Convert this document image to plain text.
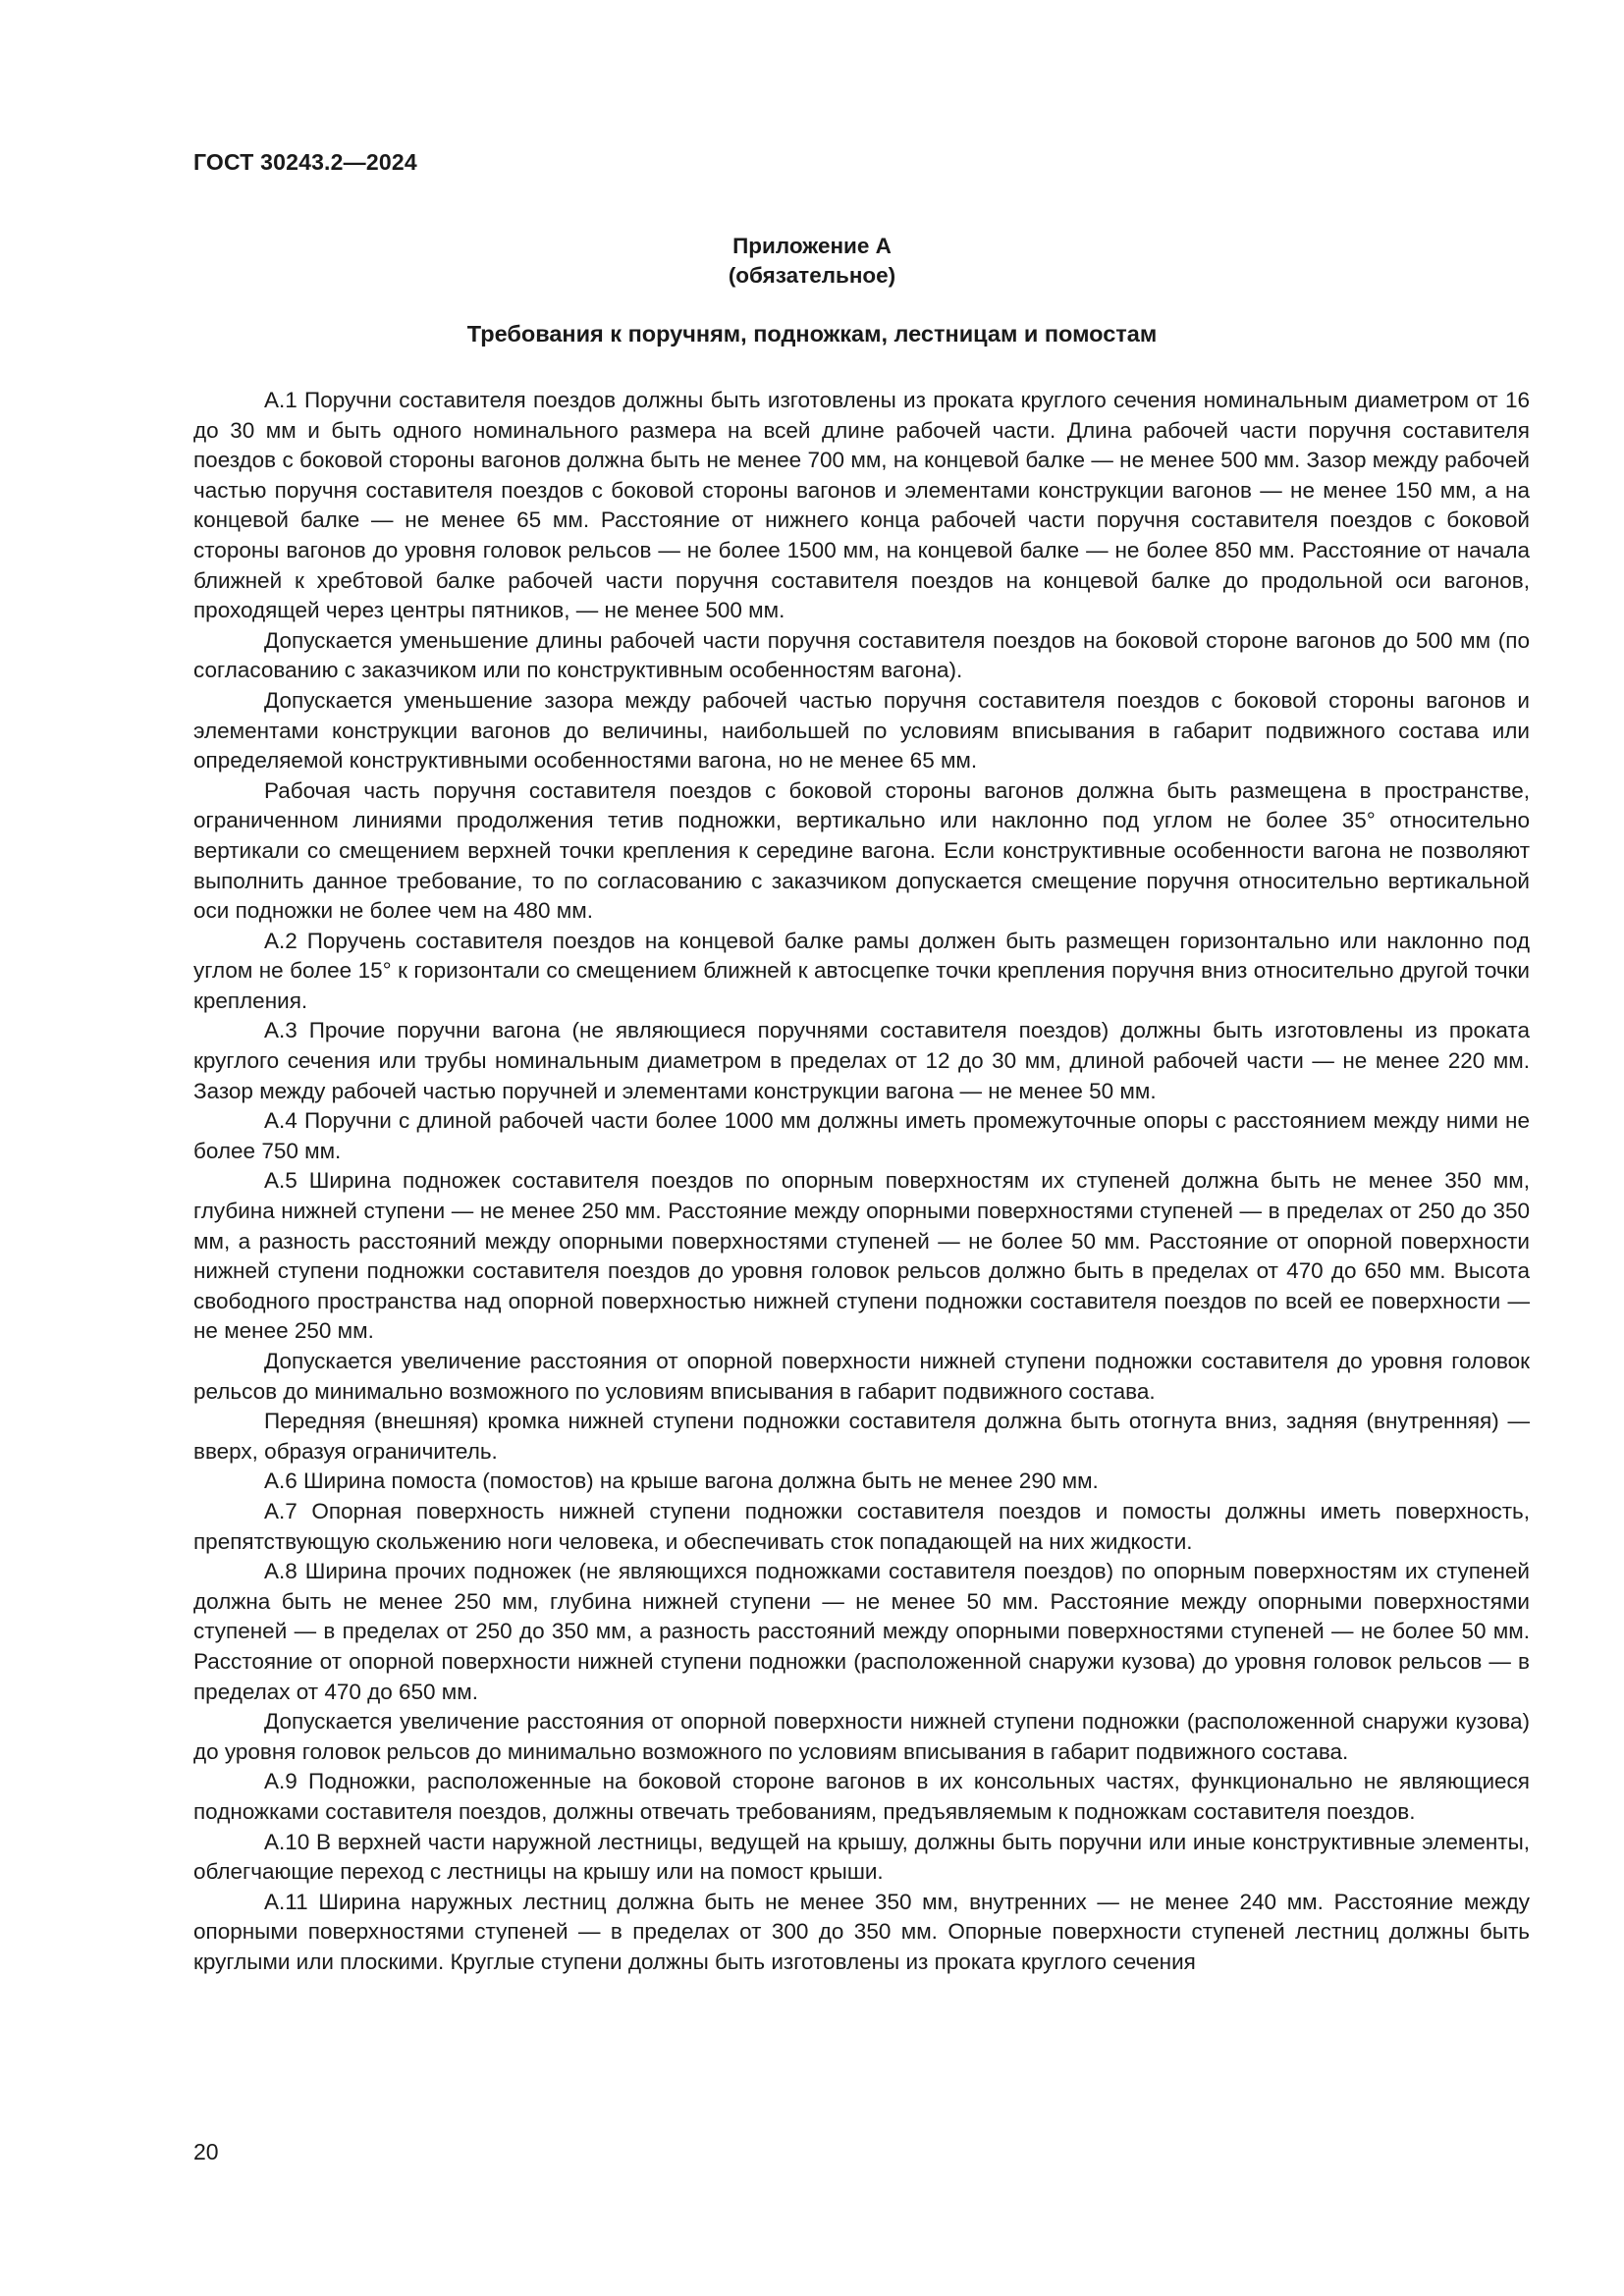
ГОСТ 30243.2—2024
Приложение А
(обязательное)
Требования к поручням, подножкам, лестницам и помостам

А.1 Поручни составителя поездов должны быть изготовлены из проката круглого сечения номинальным диаметром от 16 до 30 мм и быть одного номинального размера на всей длине рабочей части. Длина рабочей части поручня составителя поездов с боковой стороны вагонов должна быть не менее 700 мм, на концевой балке — не менее 500 мм. Зазор между рабочей частью поручня составителя поездов с боковой стороны вагонов и элементами конструкции вагонов — не менее 150 мм, а на концевой балке — не менее 65 мм. Расстояние от нижнего конца рабочей части поручня составителя поездов с боковой стороны вагонов до уровня головок рельсов — не более 1500 мм, на концевой балке — не более 850 мм. Расстояние от начала ближней к хребтовой балке рабочей части поручня составителя поездов на концевой балке до продольной оси вагонов, проходящей через центры пятников, — не менее 500 мм.

Допускается уменьшение длины рабочей части поручня составителя поездов на боковой стороне вагонов до 500 мм (по согласованию с заказчиком или по конструктивным особенностям вагона).

Допускается уменьшение зазора между рабочей частью поручня составителя поездов с боковой стороны вагонов и элементами конструкции вагонов до величины, наибольшей по условиям вписывания в габарит подвижного состава или определяемой конструктивными особенностями вагона, но не менее 65 мм.

Рабочая часть поручня составителя поездов с боковой стороны вагонов должна быть размещена в пространстве, ограниченном линиями продолжения тетив подножки, вертикально или наклонно под углом не более 35° относительно вертикали со смещением верхней точки крепления к середине вагона. Если конструктивные особенности вагона не позволяют выполнить данное требование, то по согласованию с заказчиком допускается смещение поручня относительно вертикальной оси подножки не более чем на 480 мм.

А.2 Поручень составителя поездов на концевой балке рамы должен быть размещен горизонтально или наклонно под углом не более 15° к горизонтали со смещением ближней к автосцепке точки крепления поручня вниз относительно другой точки крепления.

А.3 Прочие поручни вагона (не являющиеся поручнями составителя поездов) должны быть изготовлены из проката круглого сечения или трубы номинальным диаметром в пределах от 12 до 30 мм, длиной рабочей части — не менее 220 мм. Зазор между рабочей частью поручней и элементами конструкции вагона — не менее 50 мм.

А.4 Поручни с длиной рабочей части более 1000 мм должны иметь промежуточные опоры с расстоянием между ними не более 750 мм.

А.5 Ширина подножек составителя поездов по опорным поверхностям их ступеней должна быть не менее 350 мм, глубина нижней ступени — не менее 250 мм. Расстояние между опорными поверхностями ступеней — в пределах от 250 до 350 мм, а разность расстояний между опорными поверхностями ступеней — не более 50 мм. Расстояние от опорной поверхности нижней ступени подножки составителя поездов до уровня головок рельсов должно быть в пределах от 470 до 650 мм. Высота свободного пространства над опорной поверхностью нижней ступени подножки составителя поездов по всей ее поверхности — не менее 250 мм.

Допускается увеличение расстояния от опорной поверхности нижней ступени подножки составителя до уровня головок рельсов до минимально возможного по условиям вписывания в габарит подвижного состава.

Передняя (внешняя) кромка нижней ступени подножки составителя должна быть отогнута вниз, задняя (внутренняя) — вверх, образуя ограничитель.

А.6 Ширина помоста (помостов) на крыше вагона должна быть не менее 290 мм.

А.7 Опорная поверхность нижней ступени подножки составителя поездов и помосты должны иметь поверхность, препятствующую скольжению ноги человека, и обеспечивать сток попадающей на них жидкости.

А.8 Ширина прочих подножек (не являющихся подножками составителя поездов) по опорным поверхностям их ступеней должна быть не менее 250 мм, глубина нижней ступени — не менее 50 мм. Расстояние между опорными поверхностями ступеней — в пределах от 250 до 350 мм, а разность расстояний между опорными поверхностями ступеней — не более 50 мм. Расстояние от опорной поверхности нижней ступени подножки (расположенной снаружи кузова) до уровня головок рельсов — в пределах от 470 до 650 мм.

Допускается увеличение расстояния от опорной поверхности нижней ступени подножки (расположенной снаружи кузова) до уровня головок рельсов до минимально возможного по условиям вписывания в габарит подвижного состава.

А.9 Подножки, расположенные на боковой стороне вагонов в их консольных частях, функционально не являющиеся подножками составителя поездов, должны отвечать требованиям, предъявляемым к подножкам составителя поездов.

А.10 В верхней части наружной лестницы, ведущей на крышу, должны быть поручни или иные конструктивные элементы, облегчающие переход с лестницы на крышу или на помост крыши.

А.11 Ширина наружных лестниц должна быть не менее 350 мм, внутренних — не менее 240 мм. Расстояние между опорными поверхностями ступеней — в пределах от 300 до 350 мм. Опорные поверхности ступеней лестниц должны быть круглыми или плоскими. Круглые ступени должны быть изготовлены из проката круглого сечения

20
